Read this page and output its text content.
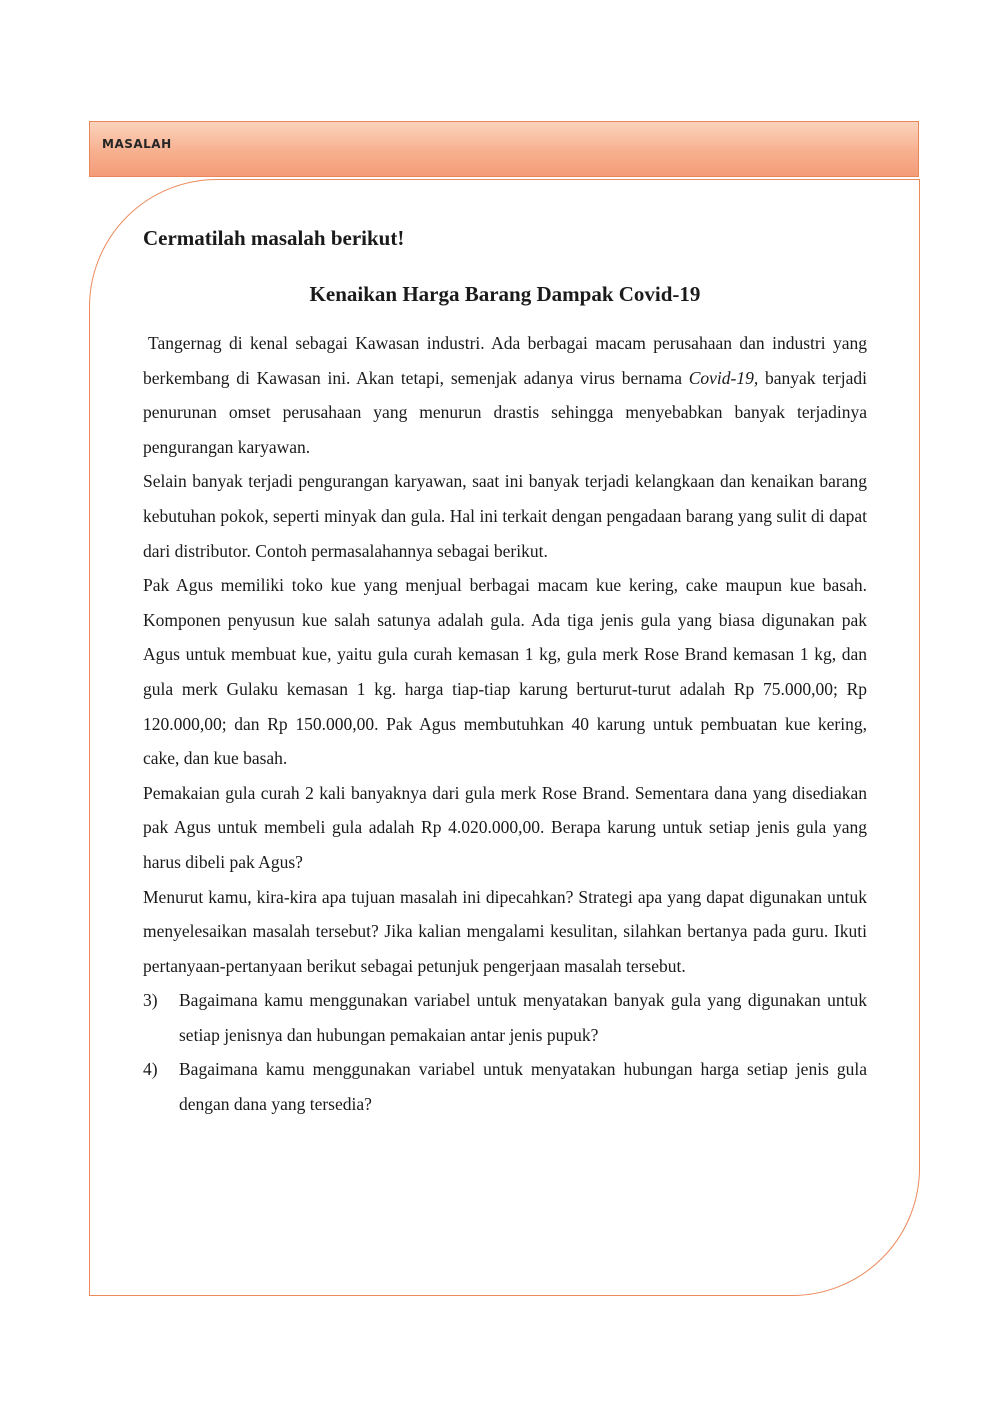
masalah

Cermatilah masalah berikut!

Kenaikan Harga Barang Dampak Covid-19

Tangernag di kenal sebagai Kawasan industri. Ada berbagai macam perusahaan dan industri yang berkembang di Kawasan ini. Akan tetapi, semenjak adanya virus bernama Covid-19, banyak terjadi penurunan omset perusahaan yang menurun drastis sehingga menyebabkan banyak terjadinya pengurangan karyawan.

Selain banyak terjadi pengurangan karyawan, saat ini banyak terjadi kelangkaan dan kenaikan barang kebutuhan pokok, seperti minyak dan gula. Hal ini terkait dengan pengadaan barang yang sulit di dapat dari distributor. Contoh permasalahannya sebagai berikut.

Pak Agus memiliki toko kue yang menjual berbagai macam kue kering, cake maupun kue basah. Komponen penyusun kue salah satunya adalah gula. Ada tiga jenis gula yang biasa digunakan pak Agus untuk membuat kue, yaitu gula curah kemasan 1 kg, gula merk Rose Brand kemasan 1 kg, dan gula merk Gulaku kemasan 1 kg. harga tiap-tiap karung berturut-turut adalah Rp 75.000,00; Rp 120.000,00; dan Rp 150.000,00. Pak Agus membutuhkan 40 karung untuk pembuatan kue kering, cake, dan kue basah.

Pemakaian gula curah 2 kali banyaknya dari gula merk Rose Brand. Sementara dana yang disediakan pak Agus untuk membeli gula adalah Rp 4.020.000,00. Berapa karung untuk setiap jenis gula yang harus dibeli pak Agus?

Menurut kamu, kira-kira apa tujuan masalah ini dipecahkan? Strategi apa yang dapat digunakan untuk menyelesaikan masalah tersebut? Jika kalian mengalami kesulitan, silahkan bertanya pada guru. Ikuti pertanyaan-pertanyaan berikut sebagai petunjuk pengerjaan masalah tersebut.

3) Bagaimana kamu menggunakan variabel untuk menyatakan banyak gula yang digunakan untuk setiap jenisnya dan hubungan pemakaian antar jenis pupuk?
4) Bagaimana kamu menggunakan variabel untuk menyatakan hubungan harga setiap jenis gula dengan dana yang tersedia?
